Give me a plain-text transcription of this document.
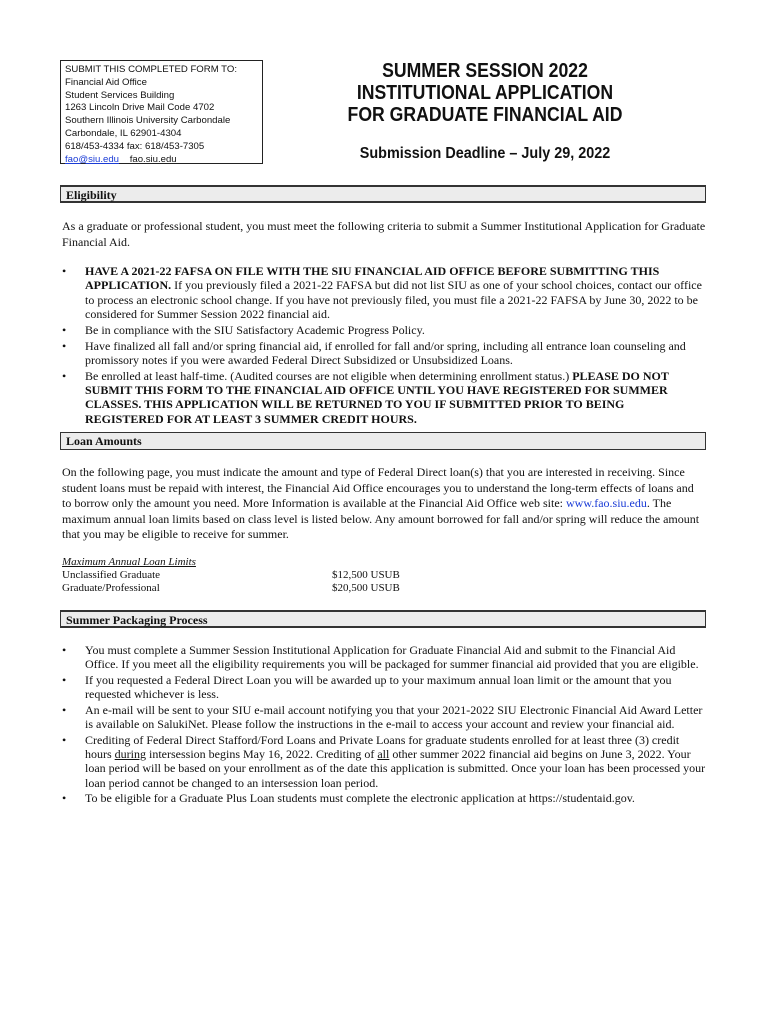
SUBMIT THIS COMPLETED FORM TO:
Financial Aid Office
Student Services Building
1263 Lincoln Drive Mail Code 4702
Southern Illinois University Carbondale
Carbondale, IL 62901-4304
618/453-4334 fax: 618/453-7305
fao@siu.edu fao.siu.edu
SUMMER SESSION 2022
INSTITUTIONAL APPLICATION
FOR GRADUATE FINANCIAL AID
Submission Deadline – July 29, 2022
Eligibility
As a graduate or professional student, you must meet the following criteria to submit a Summer Institutional Application for Graduate Financial Aid.
• HAVE A 2021-22 FAFSA ON FILE WITH THE SIU FINANCIAL AID OFFICE BEFORE SUBMITTING THIS APPLICATION. If you previously filed a 2021-22 FAFSA but did not list SIU as one of your school choices, contact our office to process an electronic school change. If you have not previously filed, you must file a 2021-22 FAFSA by June 30, 2022 to be considered for Summer Session 2022 financial aid.
• Be in compliance with the SIU Satisfactory Academic Progress Policy.
• Have finalized all fall and/or spring financial aid, if enrolled for fall and/or spring, including all entrance loan counseling and promissory notes if you were awarded Federal Direct Subsidized or Unsubsidized Loans.
• Be enrolled at least half-time. (Audited courses are not eligible when determining enrollment status.) PLEASE DO NOT SUBMIT THIS FORM TO THE FINANCIAL AID OFFICE UNTIL YOU HAVE REGISTERED FOR SUMMER CLASSES. THIS APPLICATION WILL BE RETURNED TO YOU IF SUBMITTED PRIOR TO BEING REGISTERED FOR AT LEAST 3 SUMMER CREDIT HOURS.
Loan Amounts
On the following page, you must indicate the amount and type of Federal Direct loan(s) that you are interested in receiving. Since student loans must be repaid with interest, the Financial Aid Office encourages you to understand the long-term effects of loans and to borrow only the amount you need. More Information is available at the Financial Aid Office web site: www.fao.siu.edu. The maximum annual loan limits based on class level is listed below. Any amount borrowed for fall and/or spring will reduce the amount that you may be eligible to receive for summer.
Maximum Annual Loan Limits
Unclassified Graduate	$12,500 USUB
Graduate/Professional	$20,500 USUB
Summer Packaging Process
• You must complete a Summer Session Institutional Application for Graduate Financial Aid and submit to the Financial Aid Office. If you meet all the eligibility requirements you will be packaged for summer financial aid provided that you are eligible.
• If you requested a Federal Direct Loan you will be awarded up to your maximum annual loan limit or the amount that you requested whichever is less.
• An e-mail will be sent to your SIU e-mail account notifying you that your 2021-2022 SIU Electronic Financial Aid Award Letter is available on SalukiNet. Please follow the instructions in the e-mail to access your account and review your financial aid.
• Crediting of Federal Direct Stafford/Ford Loans and Private Loans for graduate students enrolled for at least three (3) credit hours during intersession begins May 16, 2022. Crediting of all other summer 2022 financial aid begins on June 3, 2022. Your loan period will be based on your enrollment as of the date this application is submitted. Once your loan has been processed your loan period cannot be changed to an intersession loan period.
• To be eligible for a Graduate Plus Loan students must complete the electronic application at https://studentaid.gov.
